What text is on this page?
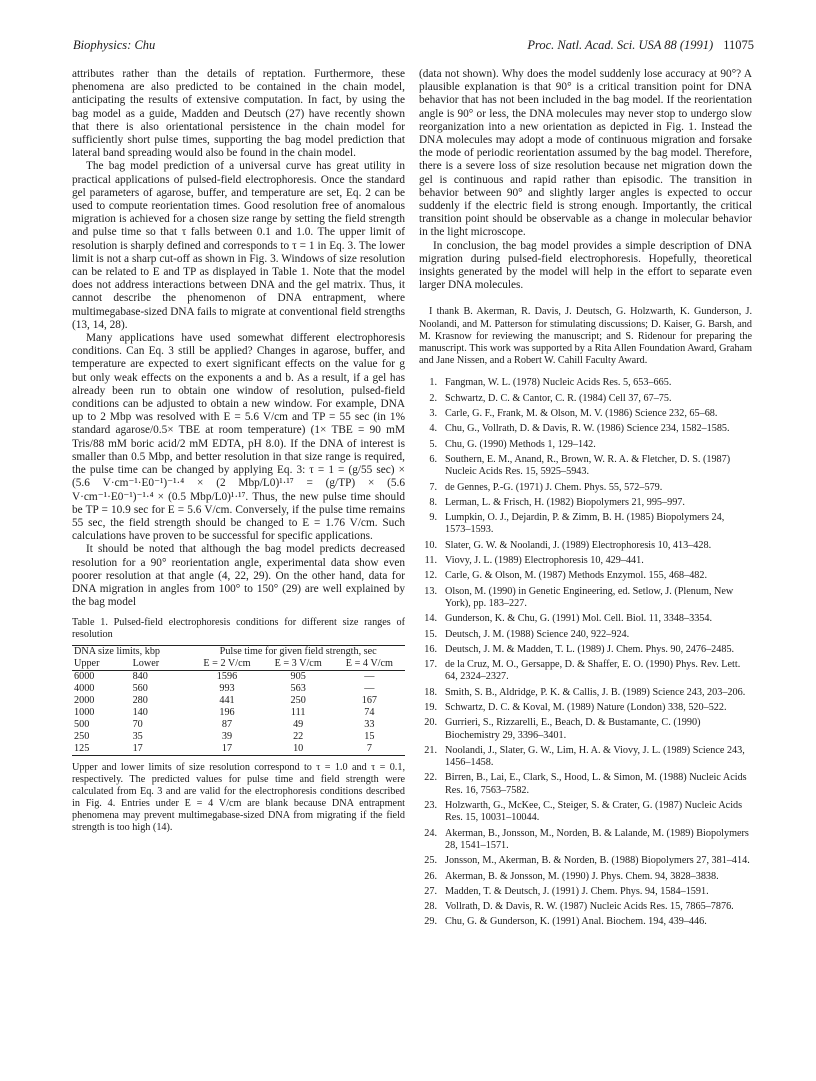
Biophysics: Chu	Proc. Natl. Acad. Sci. USA 88 (1991) 11075

attributes rather than the details of reptation. Furthermore, these phenomena are also predicted to be contained in the chain model, anticipating the results of extensive computation. In fact, by using the bag model as a guide, Madden and Deutsch (27) have recently shown that there is also orientational persistence in the chain model for sufficiently short pulse times, supporting the bag model prediction that lateral band spreading would also be found in the chain model.

The bag model prediction of a universal curve has great utility in practical applications of pulsed-field electrophoresis. Once the standard gel parameters of agarose, buffer, and temperature are set, Eq. 2 can be used to compute reorientation times. Good resolution free of anomalous migration is achieved for a chosen size range by setting the field strength and pulse time so that τ falls between 0.1 and 1.0. The upper limit of resolution is sharply defined and corresponds to τ = 1 in Eq. 3. The lower limit is not a sharp cut-off as shown in Fig. 3. Windows of size resolution can be related to E and TP as displayed in Table 1. Note that the model does not address interactions between DNA and the gel matrix. Thus, it cannot describe the phenomenon of DNA entrapment, where multimegabase-sized DNA fails to migrate at conventional field strengths (13, 14, 28).

Many applications have used somewhat different electrophoresis conditions. Can Eq. 3 still be applied? Changes in agarose, buffer, and temperature are expected to exert significant effects on the value for g but only weak effects on the exponents a and b. As a result, if a gel has already been run to obtain one window of resolution, pulsed-field conditions can be adjusted to obtain a new window. For example, DNA up to 2 Mbp was resolved with E = 5.6 V/cm and TP = 55 sec (in 1% standard agarose/0.5× TBE at room temperature) (1× TBE = 90 mM Tris/88 mM boric acid/2 mM EDTA, pH 8.0). If the DNA of interest is smaller than 0.5 Mbp, and better resolution in that size range is required, the pulse time can be changed by applying Eq. 3: τ = 1 = (g/55 sec) × (5.6 V·cm⁻¹·E0⁻¹)⁻¹·⁴ × (2 Mbp/L0)¹·¹⁷ = (g/TP) × (5.6 V·cm⁻¹·E0⁻¹)⁻¹·⁴ × (0.5 Mbp/L0)¹·¹⁷. Thus, the new pulse time should be TP = 10.9 sec for E = 5.6 V/cm. Conversely, if the pulse time remains 55 sec, the field strength should be changed to E = 1.76 V/cm. Such calculations have proven to be successful for specific applications.

It should be noted that although the bag model predicts decreased resolution for a 90° reorientation angle, experimental data show even poorer resolution at that angle (4, 22, 29). On the other hand, data for DNA migration in angles from 100° to 150° (29) are well explained by the bag model

Table 1. Pulsed-field electrophoresis conditions for different size ranges of resolution
DNA size limits, kbp		Pulse time for given field strength, sec		
Upper	Lower	E = 2 V/cm	E = 3 V/cm	E = 4 V/cm
6000	840	1596	905	—
4000	560	993	563	—
2000	280	441	250	167
1000	140	196	111	74
500	70	87	49	33
250	35	39	22	15
125	17	17	10	7
Upper and lower limits of size resolution correspond to τ = 1.0 and τ = 0.1, respectively. The predicted values for pulse time and field strength were calculated from Eq. 3 and are valid for the electrophoresis conditions described in Fig. 4. Entries under E = 4 V/cm are blank because DNA entrapment phenomena may prevent multimegabase-sized DNA from migrating if the field strength is too high (14).

(data not shown). Why does the model suddenly lose accuracy at 90°? A plausible explanation is that 90° is a critical transition point for DNA behavior that has not been included in the bag model. If the reorientation angle is 90° or less, the DNA molecules may never stop to undergo slow reorganization into a new orientation as depicted in Fig. 1. Instead the DNA molecules may adopt a mode of continuous migration and forsake the mode of periodic reorientation assumed by the bag model. Therefore, there is a severe loss of size resolution because net migration down the gel is continuous and rapid rather than episodic. The transition in behavior between 90° and slightly larger angles is expected to occur suddenly if the electric field is strong enough. Importantly, the critical transition point should be observable as a change in molecular behavior in the light microscope.

In conclusion, the bag model provides a simple description of DNA migration during pulsed-field electrophoresis. Hopefully, theoretical insights generated by the model will help in the effort to separate even larger DNA molecules.

I thank B. Akerman, R. Davis, J. Deutsch, G. Holzwarth, K. Gunderson, J. Noolandi, and M. Patterson for stimulating discussions; D. Kaiser, G. Barsh, and M. Krasnow for reviewing the manuscript; and S. Ridenour for preparing the manuscript. This work was supported by a Rita Allen Foundation Award, Graham and Jane Nissen, and a Robert W. Cahill Faculty Award.
1. Fangman, W. L. (1978) Nucleic Acids Res. 5, 653–665.
2. Schwartz, D. C. & Cantor, C. R. (1984) Cell 37, 67–75.
3. Carle, G. F., Frank, M. & Olson, M. V. (1986) Science 232, 65–68.
4. Chu, G., Vollrath, D. & Davis, R. W. (1986) Science 234, 1582–1585.
5. Chu, G. (1990) Methods 1, 129–142.
6. Southern, E. M., Anand, R., Brown, W. R. A. & Fletcher, D. S. (1987) Nucleic Acids Res. 15, 5925–5943.
7. de Gennes, P.-G. (1971) J. Chem. Phys. 55, 572–579.
8. Lerman, L. & Frisch, H. (1982) Biopolymers 21, 995–997.
9. Lumpkin, O. J., Dejardin, P. & Zimm, B. H. (1985) Biopolymers 24, 1573–1593.
10. Slater, G. W. & Noolandi, J. (1989) Electrophoresis 10, 413–428.
11. Viovy, J. L. (1989) Electrophoresis 10, 429–441.
12. Carle, G. & Olson, M. (1987) Methods Enzymol. 155, 468–482.
13. Olson, M. (1990) in Genetic Engineering, ed. Setlow, J. (Plenum, New York), pp. 183–227.
14. Gunderson, K. & Chu, G. (1991) Mol. Cell. Biol. 11, 3348–3354.
15. Deutsch, J. M. (1988) Science 240, 922–924.
16. Deutsch, J. M. & Madden, T. L. (1989) J. Chem. Phys. 90, 2476–2485.
17. de la Cruz, M. O., Gersappe, D. & Shaffer, E. O. (1990) Phys. Rev. Lett. 64, 2324–2327.
18. Smith, S. B., Aldridge, P. K. & Callis, J. B. (1989) Science 243, 203–206.
19. Schwartz, D. C. & Koval, M. (1989) Nature (London) 338, 520–522.
20. Gurrieri, S., Rizzarelli, E., Beach, D. & Bustamante, C. (1990) Biochemistry 29, 3396–3401.
21. Noolandi, J., Slater, G. W., Lim, H. A. & Viovy, J. L. (1989) Science 243, 1456–1458.
22. Birren, B., Lai, E., Clark, S., Hood, L. & Simon, M. (1988) Nucleic Acids Res. 16, 7563–7582.
23. Holzwarth, G., McKee, C., Steiger, S. & Crater, G. (1987) Nucleic Acids Res. 15, 10031–10044.
24. Akerman, B., Jonsson, M., Norden, B. & Lalande, M. (1989) Biopolymers 28, 1541–1571.
25. Jonsson, M., Akerman, B. & Norden, B. (1988) Biopolymers 27, 381–414.
26. Akerman, B. & Jonsson, M. (1990) J. Phys. Chem. 94, 3828–3838.
27. Madden, T. & Deutsch, J. (1991) J. Chem. Phys. 94, 1584–1591.
28. Vollrath, D. & Davis, R. W. (1987) Nucleic Acids Res. 15, 7865–7876.
29. Chu, G. & Gunderson, K. (1991) Anal. Biochem. 194, 439–446.
